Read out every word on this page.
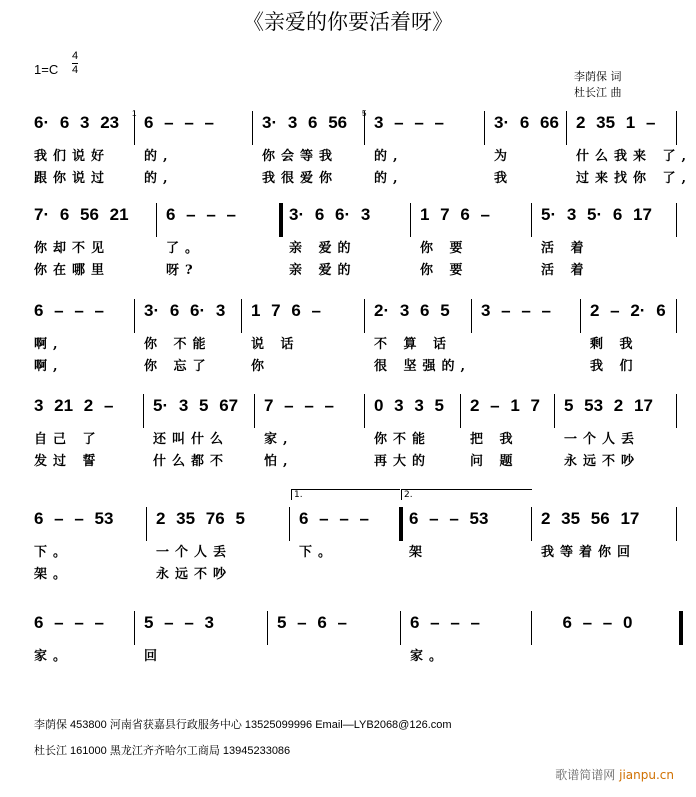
《亲爱的你要活着呀》
1=C
4
4	李荫保 词
杜长江 曲
6· 6 3 23
我们说好
跟你说过
1 6 – – –
的,
的,
3· 3 6 56
你会等我
我很爱你
5 3 – – –
的,
的,
3· 6 66
为
我
2 35 1 –
什么我来 了,
过来找你 了,
7· 6 56 21
你却不见
你在哪里
6 – – –
了。
呀?
3· 6 6· 3
亲 爱的
亲 爱的
1 7 6 –
你 要
你 要
5· 3 5· 6 17
活 着
活 着
6 – – –
啊,
啊,
3· 6 6· 3
你 不能
你 忘了
1 7 6 –
说 话
你
2· 3 6 5
不 算 话
很 坚强的,
3 – – – 2 – 2· 6
剩 我
我 们
3 21 2 –
自己 了
发过 誓
5· 3 5 67
还叫什么
什么都不
7 – – –
家,
怕,
0 3 3 5
你不能
再大的
2 – 1 7
把 我
问 题
5 53 2 17
一个人丢
永远不吵
6 – – 53
下。
架。
2 35 76 5
一个人丢
永远不吵
1.
6 – – –
下。
2.
6 – – 53
架
2 35 56 17
我等着你回
6 – – –
家。
5 – – 3
回
5 – 6 –	6 – – –
家。
6 – – 0
李荫保 453800 河南省获嘉县行政服务中心 13525099996 Email—LYB2068@126.com
杜长江 161000 黑龙江齐齐哈尔工商局 13945233086
歌谱简谱网 jianpu.cn
